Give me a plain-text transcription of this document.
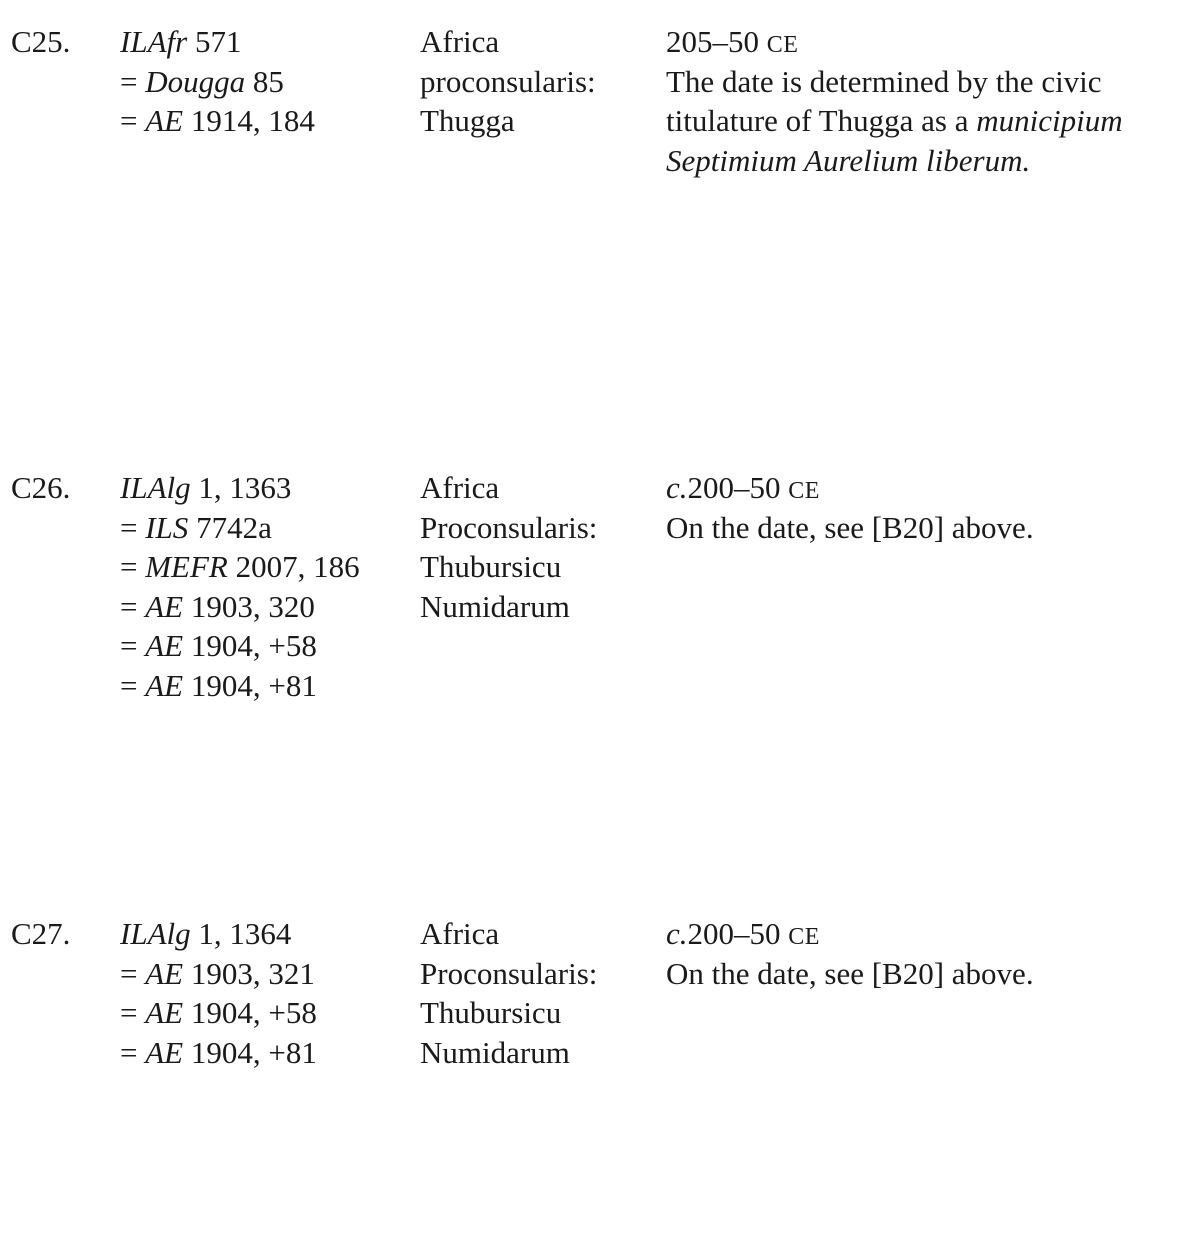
C25. ILAfr 571
= Dougga 85
= AE 1914, 184
Africa
proconsularis:
Thugga
205–50 CE
The date is determined by the civic
titulature of Thugga as a municipium
Septimium Aurelium liberum.
C26. ILAlg 1, 1363
= ILS 7742a
= MEFR 2007, 186
= AE 1903, 320
= AE 1904, +58
= AE 1904, +81
Africa
Proconsularis:
Thubursicu
Numidarum
c.200–50 CE
On the date, see [B20] above.
C27. ILAlg 1, 1364
= AE 1903, 321
= AE 1904, +58
= AE 1904, +81
Africa
Proconsularis:
Thubursicu
Numidarum
c.200–50 CE
On the date, see [B20] above.
